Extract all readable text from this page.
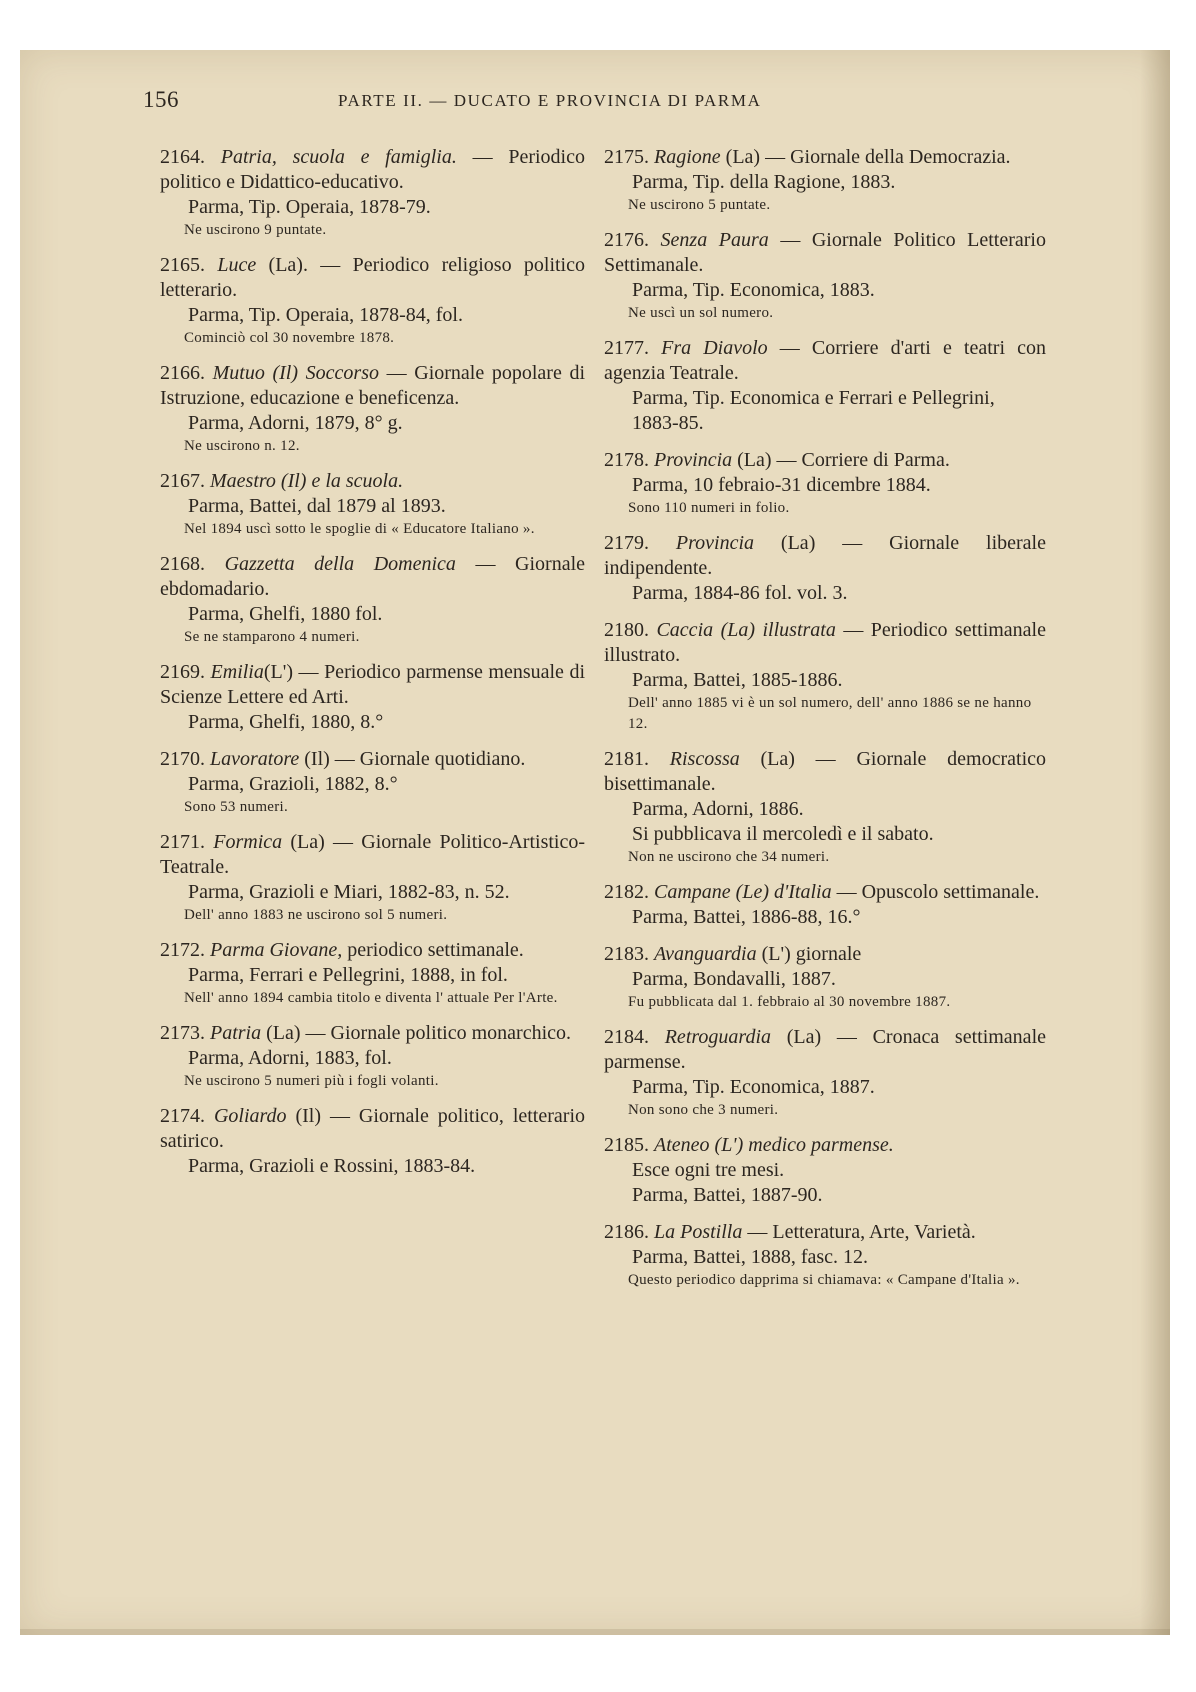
156	PARTE II. — DUCATO E PROVINCIA DI PARMA

2164. Patria, scuola e famiglia. — Periodico politico e Didattico-educativo.

Parma, Tip. Operaia, 1878-79.

Ne uscirono 9 puntate.

2165. Luce (La). — Periodico religioso politico letterario.

Parma, Tip. Operaia, 1878-84, fol.

Cominciò col 30 novembre 1878.

2166. Mutuo (Il) Soccorso — Giornale popolare di Istruzione, educazione e beneficenza.

Parma, Adorni, 1879, 8° g.

Ne uscirono n. 12.

2167. Maestro (Il) e la scuola.

Parma, Battei, dal 1879 al 1893.

Nel 1894 uscì sotto le spoglie di « Educatore Italiano ».

2168. Gazzetta della Domenica — Giornale ebdomadario.

Parma, Ghelfi, 1880 fol.

Se ne stamparono 4 numeri.

2169. Emilia(L') — Periodico parmense mensuale di Scienze Lettere ed Arti.

Parma, Ghelfi, 1880, 8.°

2170. Lavoratore (Il) — Giornale quotidiano.

Parma, Grazioli, 1882, 8.°

Sono 53 numeri.

2171. Formica (La) — Giornale Politico-Artistico-Teatrale.

Parma, Grazioli e Miari, 1882-83, n. 52.

Dell' anno 1883 ne uscirono sol 5 numeri.

2172. Parma Giovane, periodico settimanale.

Parma, Ferrari e Pellegrini, 1888, in fol.

Nell' anno 1894 cambia titolo e diventa l' attuale Per l'Arte.

2173. Patria (La) — Giornale politico monarchico.

Parma, Adorni, 1883, fol.

Ne uscirono 5 numeri più i fogli volanti.

2174. Goliardo (Il) — Giornale politico, letterario satirico.

Parma, Grazioli e Rossini, 1883-84.

2175. Ragione (La) — Giornale della Democrazia.

Parma, Tip. della Ragione, 1883.

Ne uscirono 5 puntate.

2176. Senza Paura — Giornale Politico Letterario Settimanale.

Parma, Tip. Economica, 1883.

Ne uscì un sol numero.

2177. Fra Diavolo — Corriere d'arti e teatri con agenzia Teatrale.

Parma, Tip. Economica e Ferrari e Pellegrini, 1883-85.

2178. Provincia (La) — Corriere di Parma.

Parma, 10 febraio-31 dicembre 1884.

Sono 110 numeri in folio.

2179. Provincia (La) — Giornale liberale indipendente.

Parma, 1884-86 fol. vol. 3.

2180. Caccia (La) illustrata — Periodico settimanale illustrato.

Parma, Battei, 1885-1886.

Dell' anno 1885 vi è un sol numero, dell' anno 1886 se ne hanno 12.

2181. Riscossa (La) — Giornale democratico bisettimanale.

Parma, Adorni, 1886.

Si pubblicava il mercoledì e il sabato.

Non ne uscirono che 34 numeri.

2182. Campane (Le) d'Italia — Opuscolo settimanale.

Parma, Battei, 1886-88, 16.°

2183. Avanguardia (L') giornale

Parma, Bondavalli, 1887.

Fu pubblicata dal 1. febbraio al 30 novembre 1887.

2184. Retroguardia (La) — Cronaca settimanale parmense.

Parma, Tip. Economica, 1887.

Non sono che 3 numeri.

2185. Ateneo (L') medico parmense.

Esce ogni tre mesi.

Parma, Battei, 1887-90.

2186. La Postilla — Letteratura, Arte, Varietà.

Parma, Battei, 1888, fasc. 12.

Questo periodico dapprima si chiamava: « Campane d'Italia ».
